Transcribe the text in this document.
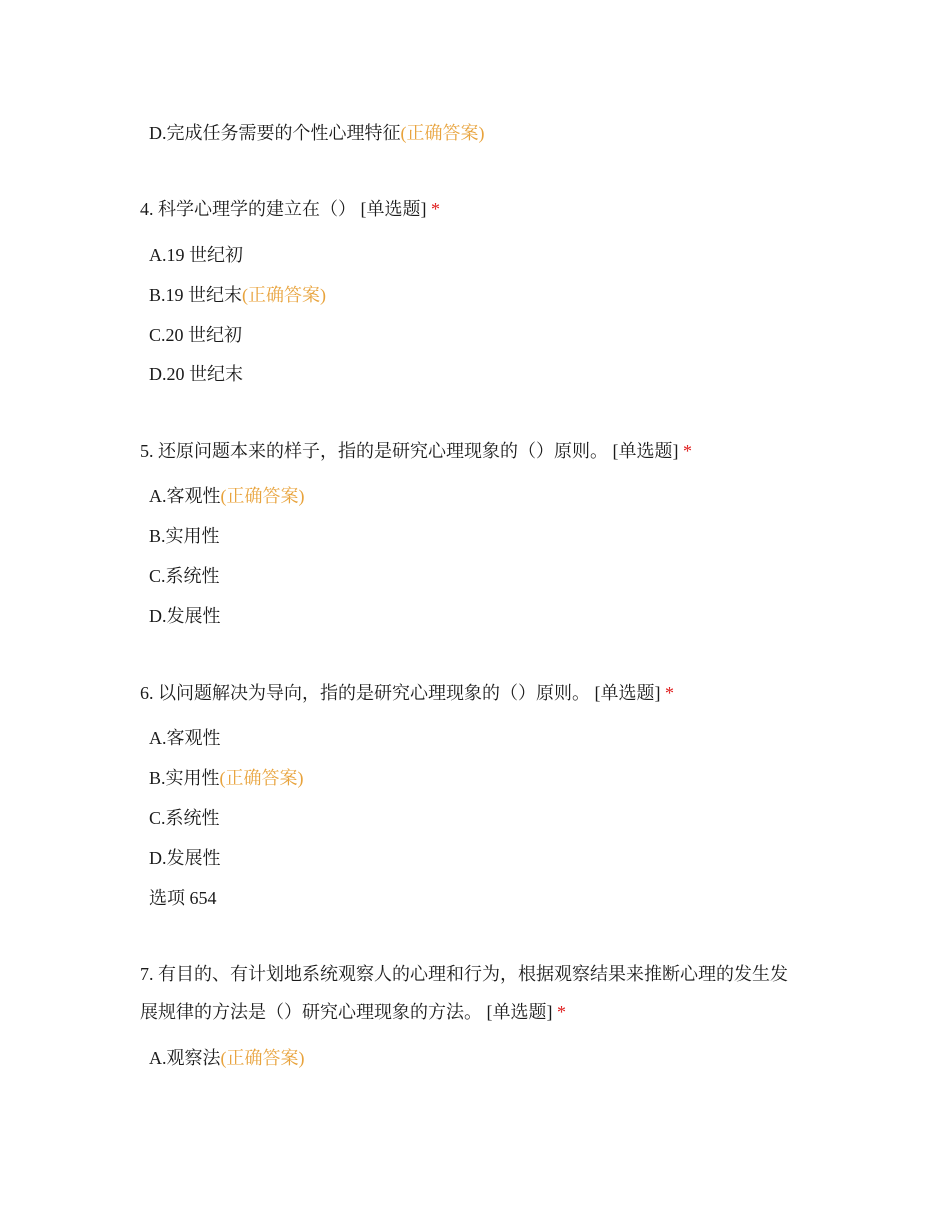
D.完成任务需要的个性心理特征(正确答案)
4. 科学心理学的建立在（） [单选题] *
A.19 世纪初
B.19 世纪末(正确答案)
C.20 世纪初
D.20 世纪末
5. 还原问题本来的样子，指的是研究心理现象的（）原则。 [单选题] *
A.客观性(正确答案)
B.实用性
C.系统性
D.发展性
6. 以问题解决为导向，指的是研究心理现象的（）原则。 [单选题] *
A.客观性
B.实用性(正确答案)
C.系统性
D.发展性
选项 654
7. 有目的、有计划地系统观察人的心理和行为，根据观察结果来推断心理的发生发
展规律的方法是（）研究心理现象的方法。 [单选题] *
A.观察法(正确答案)
